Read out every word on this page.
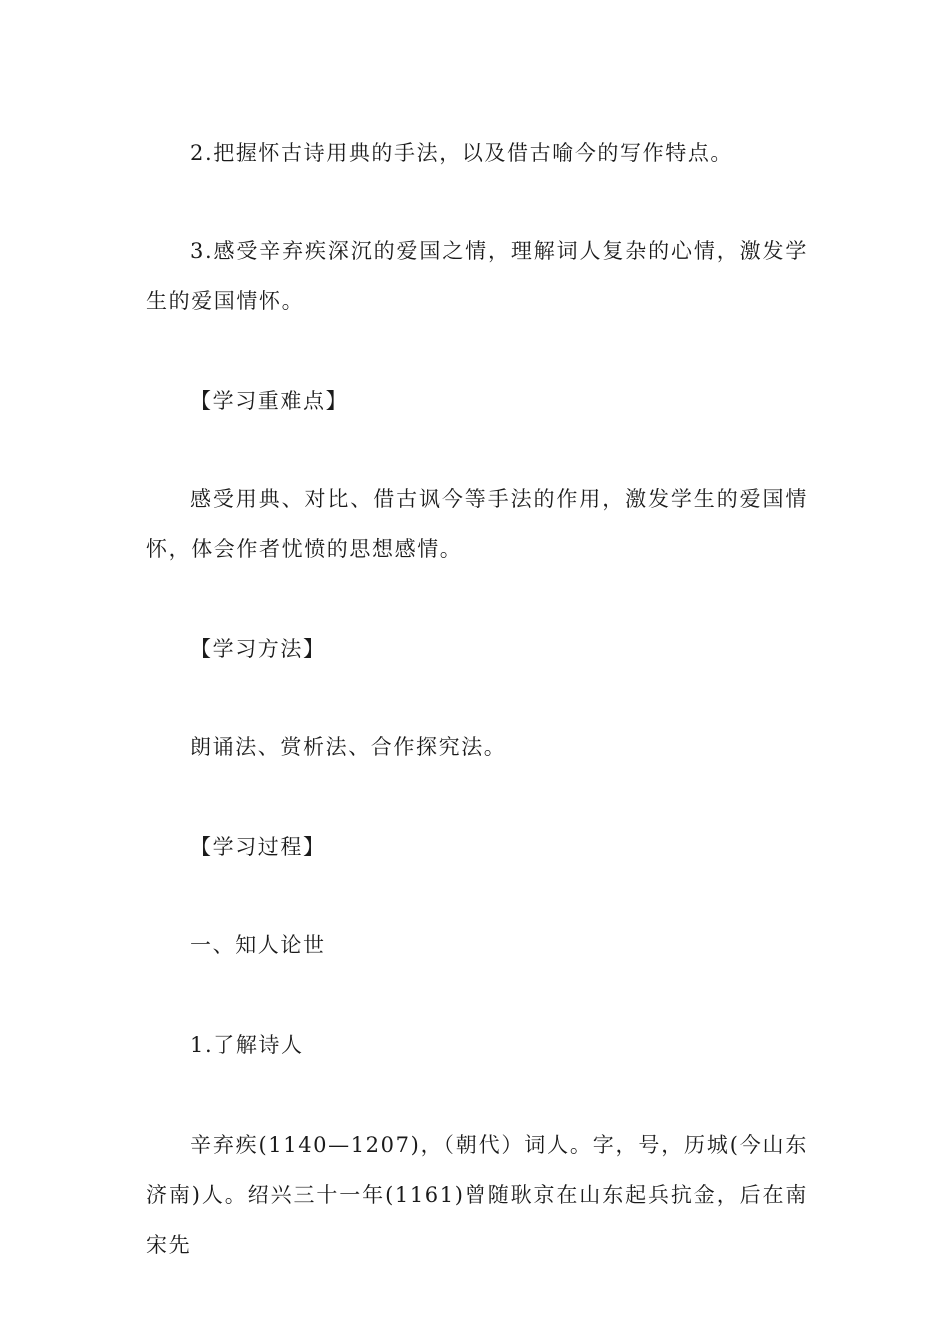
2.把握怀古诗用典的手法，以及借古喻今的写作特点。

3.感受辛弃疾深沉的爱国之情，理解词人复杂的心情，激发学生的爱国情怀。

【学习重难点】

感受用典、对比、借古讽今等手法的作用，激发学生的爱国情怀，体会作者忧愤的思想感情。

【学习方法】

朗诵法、赏析法、合作探究法。

【学习过程】

一、知人论世

1.了解诗人

辛弃疾(1140—1207)，（朝代）词人。字，号，历城(今山东济南)人。绍兴三十一年(1161)曾随耿京在山东起兵抗金，后在南宋先
